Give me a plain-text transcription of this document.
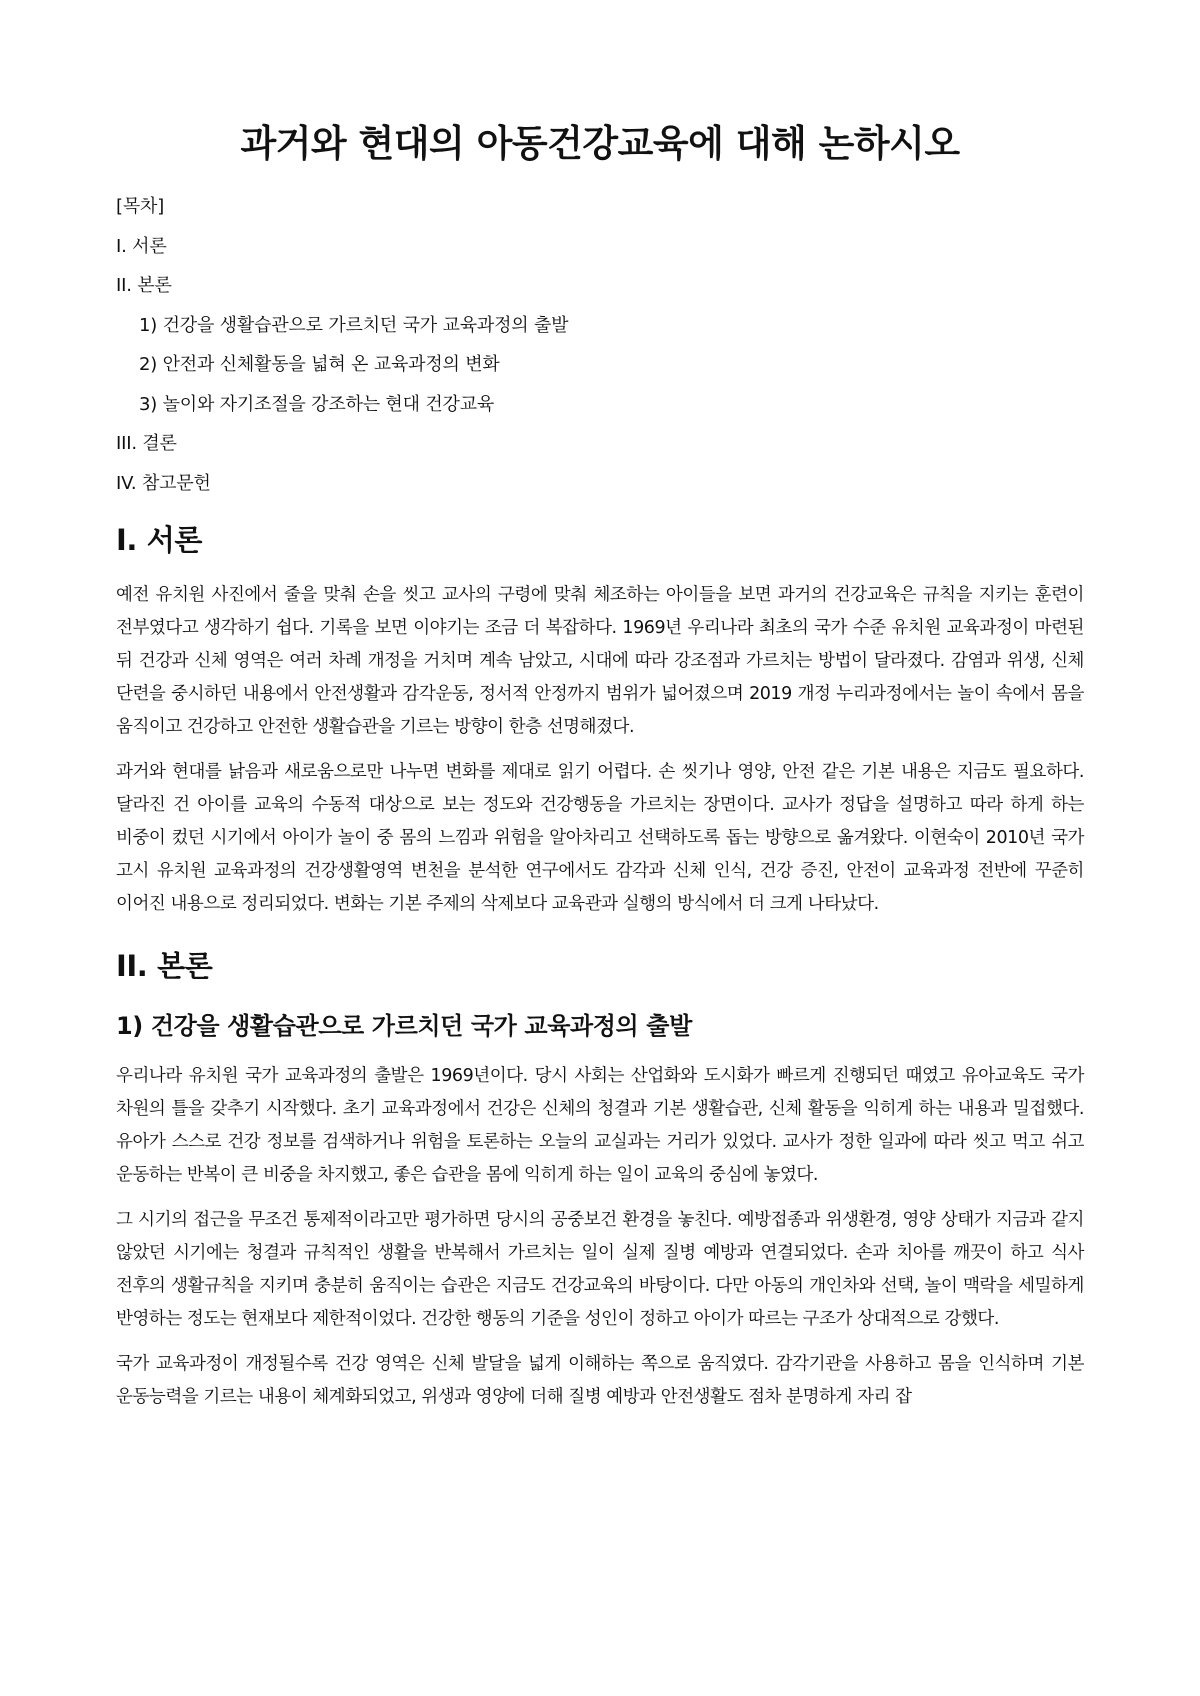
과거와 현대의 아동건강교육에 대해 논하시오
[목차]
I. 서론
II. 본론
1) 건강을 생활습관으로 가르치던 국가 교육과정의 출발
2) 안전과 신체활동을 넓혀 온 교육과정의 변화
3) 놀이와 자기조절을 강조하는 현대 건강교육
III. 결론
IV. 참고문헌
I. 서론

예전 유치원 사진에서 줄을 맞춰 손을 씻고 교사의 구령에 맞춰 체조하는 아이들을 보면 과거의 건강교육은 규칙을 지키는 훈련이 전부였다고 생각하기 쉽다. 기록을 보면 이야기는 조금 더 복잡하다. 1969년 우리나라 최초의 국가 수준 유치원 교육과정이 마련된 뒤 건강과 신체 영역은 여러 차례 개정을 거치며 계속 남았고, 시대에 따라 강조점과 가르치는 방법이 달라졌다. 감염과 위생, 신체 단련을 중시하던 내용에서 안전생활과 감각운동, 정서적 안정까지 범위가 넓어졌으며 2019 개정 누리과정에서는 놀이 속에서 몸을 움직이고 건강하고 안전한 생활습관을 기르는 방향이 한층 선명해졌다.

과거와 현대를 낡음과 새로움으로만 나누면 변화를 제대로 읽기 어렵다. 손 씻기나 영양, 안전 같은 기본 내용은 지금도 필요하다. 달라진 건 아이를 교육의 수동적 대상으로 보는 정도와 건강행동을 가르치는 장면이다. 교사가 정답을 설명하고 따라 하게 하는 비중이 컸던 시기에서 아이가 놀이 중 몸의 느낌과 위험을 알아차리고 선택하도록 돕는 방향으로 옮겨왔다. 이현숙이 2010년 국가 고시 유치원 교육과정의 건강생활영역 변천을 분석한 연구에서도 감각과 신체 인식, 건강 증진, 안전이 교육과정 전반에 꾸준히 이어진 내용으로 정리되었다. 변화는 기본 주제의 삭제보다 교육관과 실행의 방식에서 더 크게 나타났다.

II. 본론
1) 건강을 생활습관으로 가르치던 국가 교육과정의 출발

우리나라 유치원 국가 교육과정의 출발은 1969년이다. 당시 사회는 산업화와 도시화가 빠르게 진행되던 때였고 유아교육도 국가 차원의 틀을 갖추기 시작했다. 초기 교육과정에서 건강은 신체의 청결과 기본 생활습관, 신체 활동을 익히게 하는 내용과 밀접했다. 유아가 스스로 건강 정보를 검색하거나 위험을 토론하는 오늘의 교실과는 거리가 있었다. 교사가 정한 일과에 따라 씻고 먹고 쉬고 운동하는 반복이 큰 비중을 차지했고, 좋은 습관을 몸에 익히게 하는 일이 교육의 중심에 놓였다.

그 시기의 접근을 무조건 통제적이라고만 평가하면 당시의 공중보건 환경을 놓친다. 예방접종과 위생환경, 영양 상태가 지금과 같지 않았던 시기에는 청결과 규칙적인 생활을 반복해서 가르치는 일이 실제 질병 예방과 연결되었다. 손과 치아를 깨끗이 하고 식사 전후의 생활규칙을 지키며 충분히 움직이는 습관은 지금도 건강교육의 바탕이다. 다만 아동의 개인차와 선택, 놀이 맥락을 세밀하게 반영하는 정도는 현재보다 제한적이었다. 건강한 행동의 기준을 성인이 정하고 아이가 따르는 구조가 상대적으로 강했다.

국가 교육과정이 개정될수록 건강 영역은 신체 발달을 넓게 이해하는 쪽으로 움직였다. 감각기관을 사용하고 몸을 인식하며 기본 운동능력을 기르는 내용이 체계화되었고, 위생과 영양에 더해 질병 예방과 안전생활도 점차 분명하게 자리 잡
